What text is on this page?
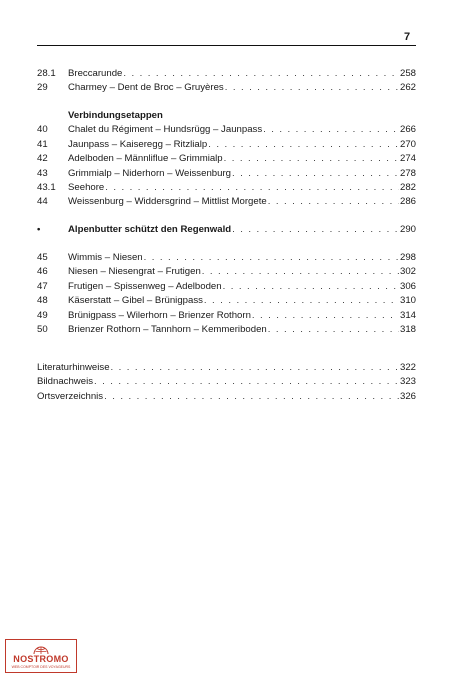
7
28.1	Breccarunde . . .	258
29	Charmey – Dent de Broc – Gruyères . . .	262
Verbindungsetappen
40	Chalet du Régiment – Hundsrügg – Jaunpass . . .	266
41	Jaunpass – Kaiseregg – Ritzlialp . . .	270
42	Adelboden – Männliflue – Grimmialp . . .	274
43	Grimmialp – Niderhorn – Weissenburg . . .	278
43.1	Seehore . . .	282
44	Weissenburg – Widdersgrind – Mittlist Morgete . . .	286
•	Alpenbutter schützt den Regenwald . . .	290
45	Wimmis – Niesen . . .	298
46	Niesen – Niesengrat – Frutigen . . .	302
47	Frutigen – Spissenweg – Adelboden . . .	306
48	Käserstatt – Gibel – Brünigpass . . .	310
49	Brünigpass – Wilerhorn – Brienzer Rothorn . . .	314
50	Brienzer Rothorn – Tannhorn – Kemmeriboden . . .	318
Literaturhinweise . . .	322
Bildnachweis . . .	323
Ortsverzeichnis . . .	326
NOSTROMO
WEB COMPTOIR DES VOYAGEURS
